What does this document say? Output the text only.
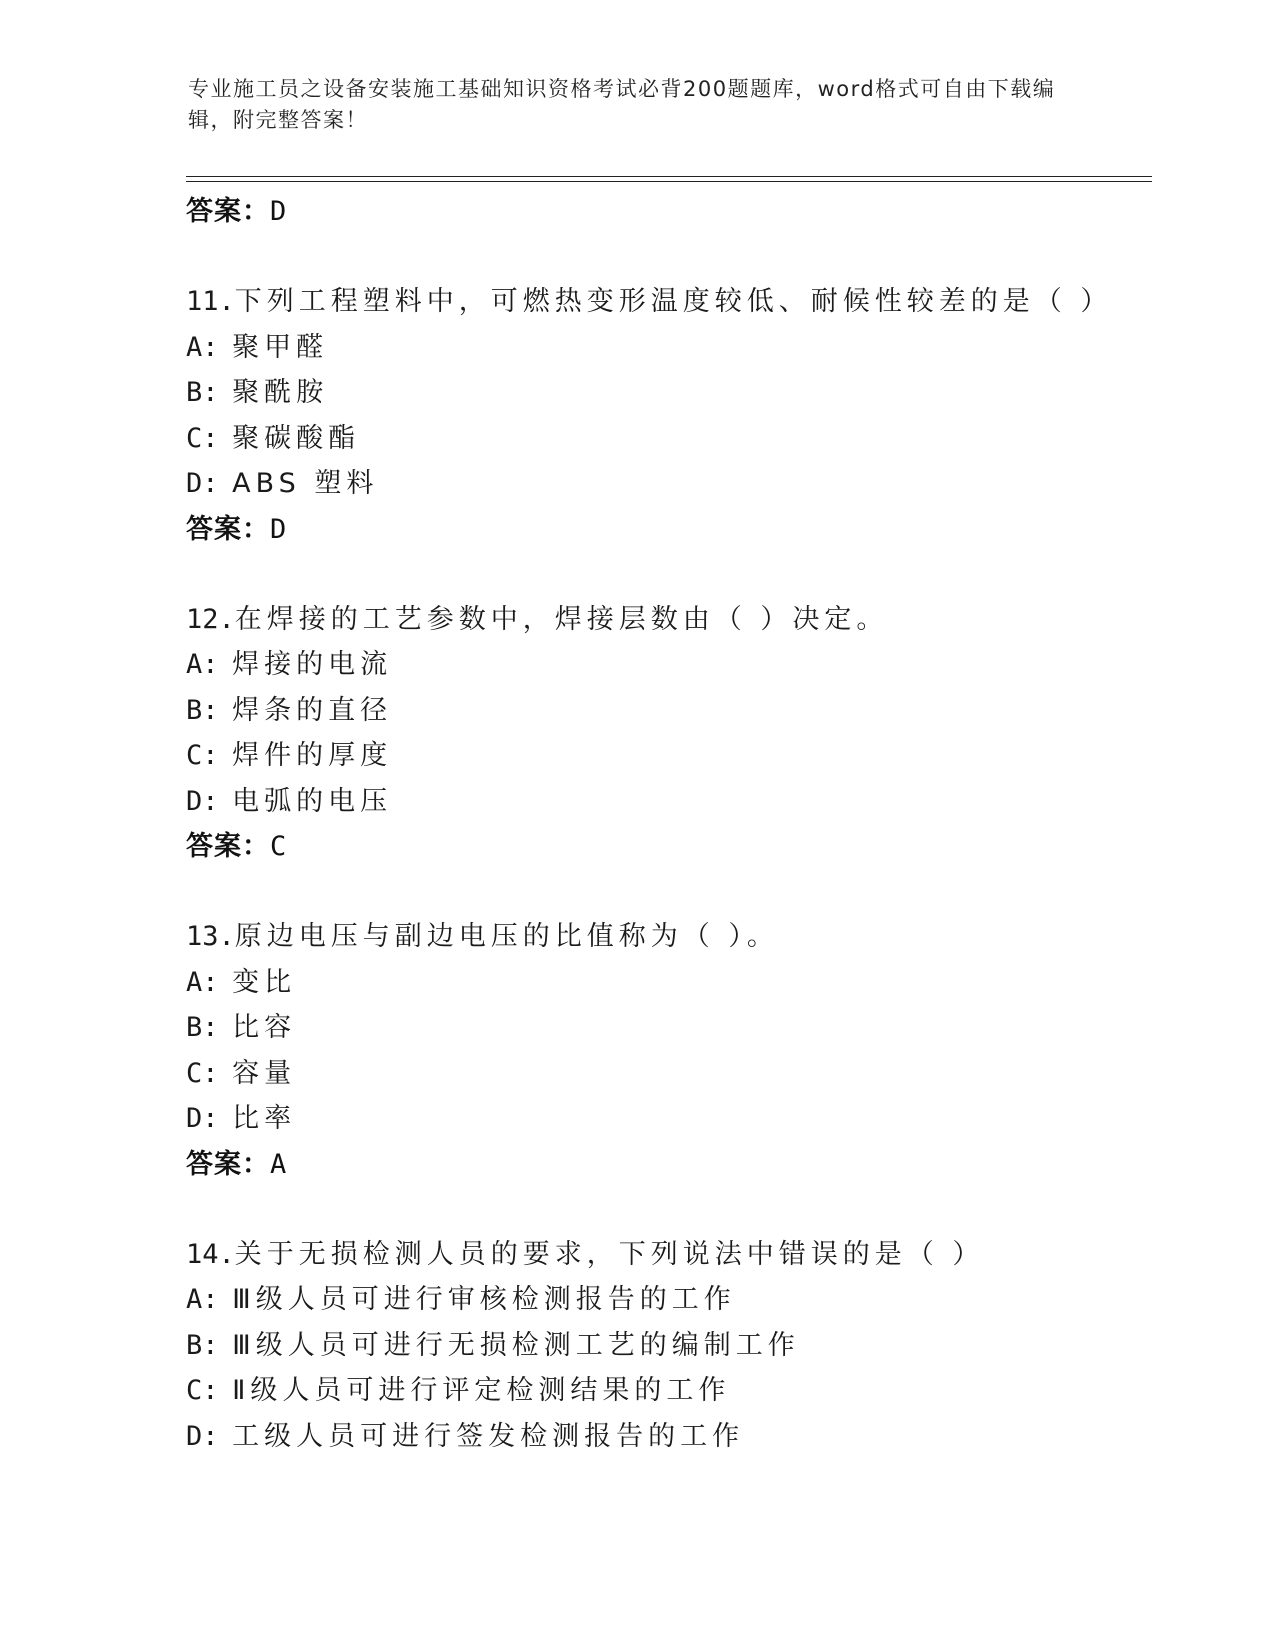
专业施工员之设备安装施工基础知识资格考试必背200题题库，word格式可自由下载编辑，附完整答案！
答案：D
11.下列工程塑料中，可燃热变形温度较低、耐候性较差的是（ ）
A: 聚甲醛
B: 聚酰胺
C: 聚碳酸酯
D: ABS 塑料
答案：D
12.在焊接的工艺参数中，焊接层数由（ ）决定。
A: 焊接的电流
B: 焊条的直径
C: 焊件的厚度
D: 电弧的电压
答案：C
13.原边电压与副边电压的比值称为（ ）。
A: 变比
B: 比容
C: 容量
D: 比率
答案：A
14.关于无损检测人员的要求，下列说法中错误的是（ ）
A: Ⅲ级人员可进行审核检测报告的工作
B: Ⅲ级人员可进行无损检测工艺的编制工作
C: Ⅱ级人员可进行评定检测结果的工作
D: 工级人员可进行签发检测报告的工作
